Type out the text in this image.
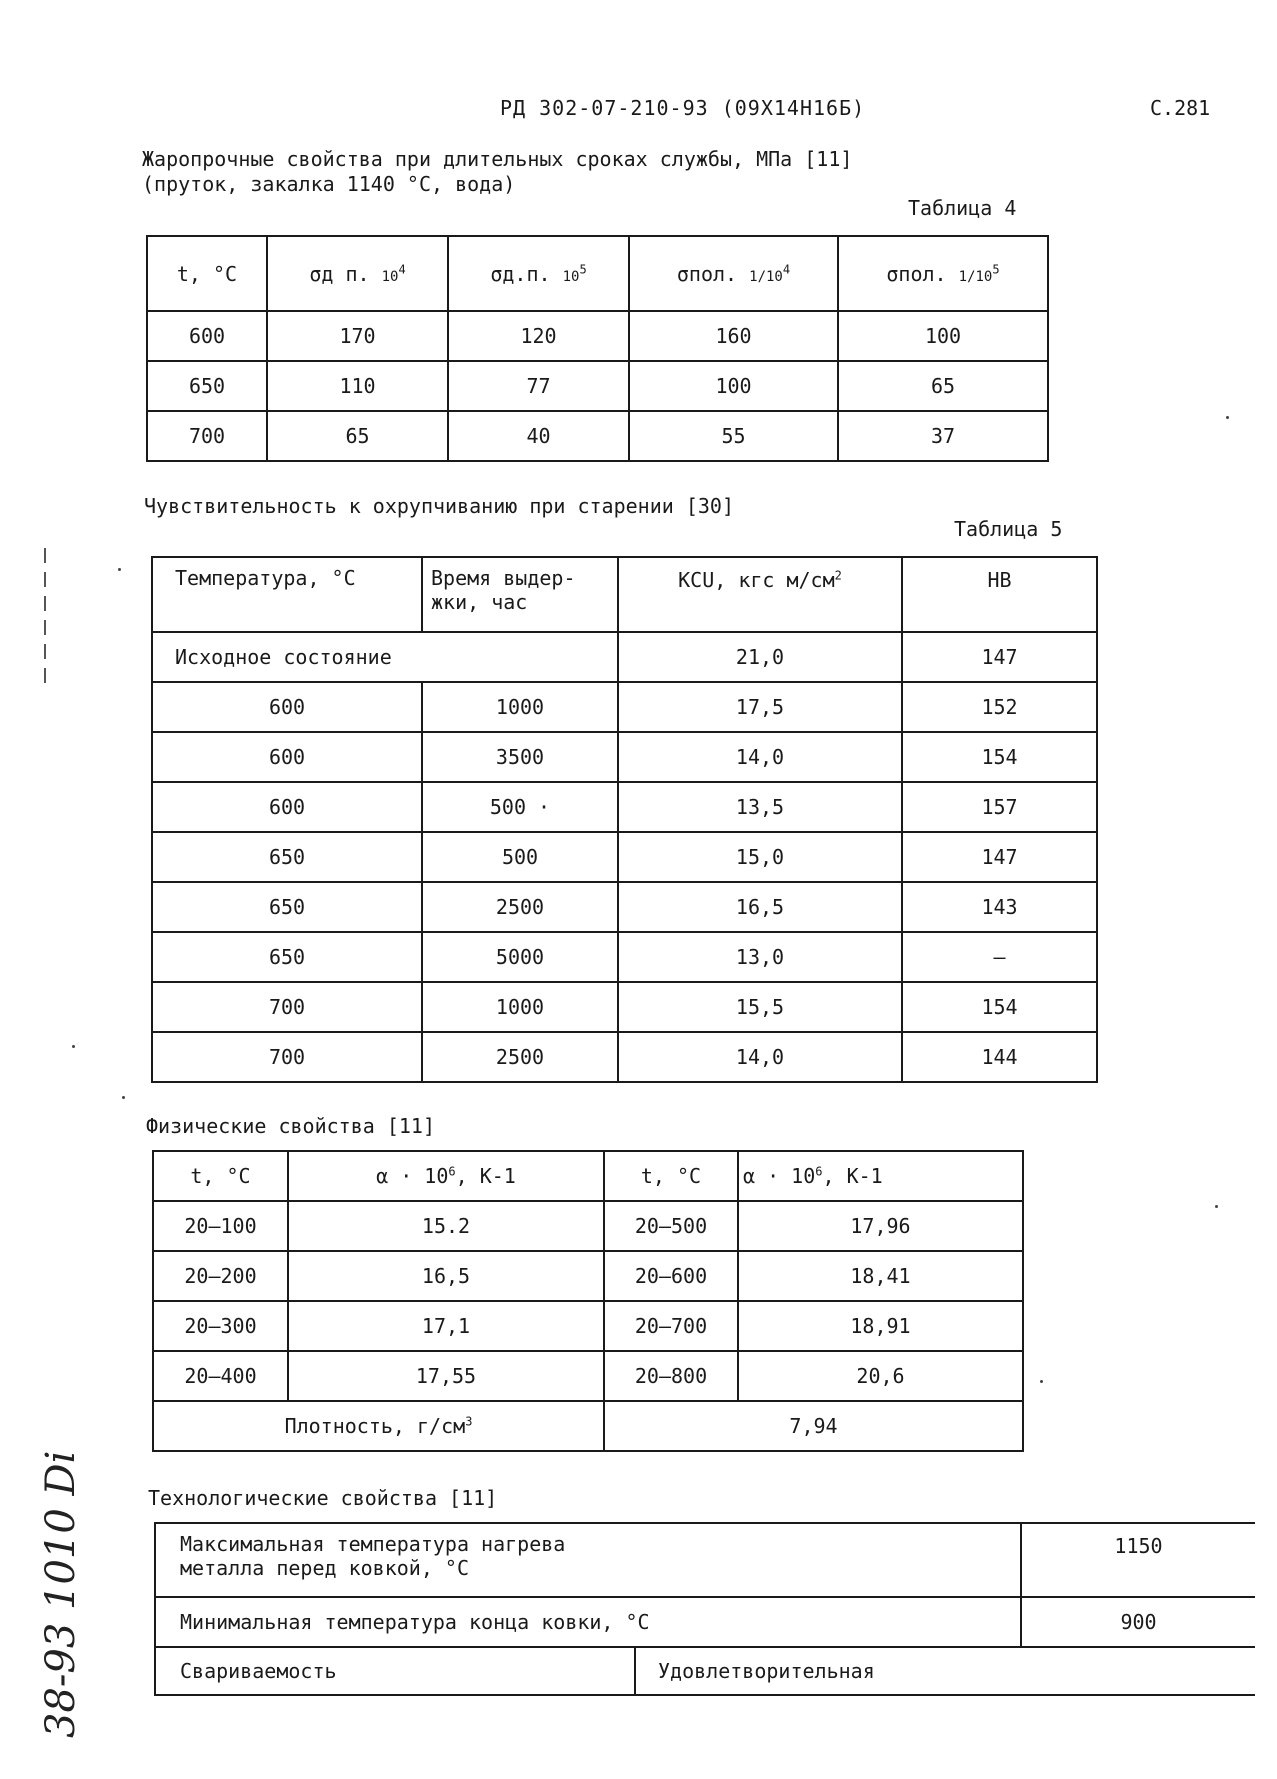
РД 302-07-210-93 (09Х14Н16Б)	С.281
Жаропрочные свойства при длительных сроках службы, МПа [11]
(пруток, закалка 1140 °С, вода)
Таблица 4
t, °С	σд п. $10^4$	σд.п. $10^5$	σпол. $1/10^4$	σпол. $1/10^5$
600	170	120	160	100
650	110	77	100	65
700	65	40	55	37
Чувствительность к охрупчиванию при старении [30]
Таблица 5
Температура, °С	Время выдер-жки, час	КСU, кгс $м/см^2$	НВ
Исходное состояние		21,0	147
600	1000	17,5	152
600	3500	14,0	154
600	500 ·	13,5	157
650	500	15,0	147
650	2500	16,5	143
650	5000	13,0	–
700	1000	15,5	154
700	2500	14,0	144
Физические свойства [11]
t, °С	$\alpha \cdot 10^6$, К-1	t, °С	$\alpha \cdot 10^6$, К-1
20–100	15.2	20–500	17,96
20–200	16,5	20–600	18,41
20–300	17,1	20–700	18,91
20–400	17,55	20–800	20,6
Плотность, $г/см^3$		7,94	
Технологические свойства [11]
Максимальная температура нагрева
металла перед ковкой, °С		1150
Минимальная температура конца ковки, °С		900
Свариваемость	Удовлетворительная	
38-93 1010 Di
